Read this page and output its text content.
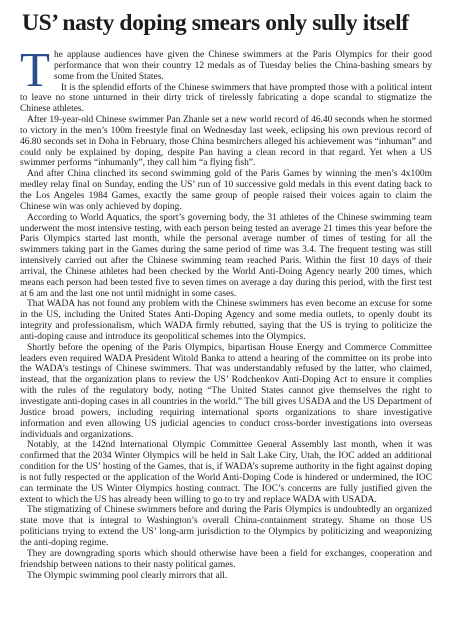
US’ nasty doping smears only sully itself

The applause audiences have given the Chinese swimmers at the Paris Olympics for their good performance that won their country 12 medals as of Tuesday belies the China-bashing smears by some from the United States.

It is the splendid efforts of the Chinese swimmers that have prompted those with a political intent to leave no stone unturned in their dirty trick of tirelessly fabricating a dope scandal to stigmatize the Chinese athletes.

After 19-year-old Chinese swimmer Pan Zhanle set a new world record of 46.40 seconds when he stormed to victory in the men’s 100m freestyle final on Wednesday last week, eclipsing his own previous record of 46.80 seconds set in Doha in February, those China besmirchers alleged his achievement was “inhuman” and could only be explained by doping, despite Pan having a clean record in that regard. Yet when a US swimmer performs “inhumanly”, they call him “a flying fish”.

And after China clinched its second swimming gold of the Paris Games by winning the men’s 4x100m medley relay final on Sunday, ending the US’ run of 10 successive gold medals in this event dating back to the Los Angeles 1984 Games, exactly the same group of people raised their voices again to claim the Chinese win was only achieved by doping.

According to World Aquatics, the sport’s governing body, the 31 athletes of the Chinese swimming team underwent the most intensive testing, with each person being tested an average 21 times this year before the Paris Olympics started last month, while the personal average number of times of testing for all the swimmers taking part in the Games during the same period of time was 3.4. The frequent testing was still intensively carried out after the Chinese swimming team reached Paris. Within the first 10 days of their arrival, the Chinese athletes had been checked by the World Anti-Doing Agency nearly 200 times, which means each person had been tested five to seven times on average a day during this period, with the first test at 6 am and the last one not until midnight in some cases.

That WADA has not found any problem with the Chinese swimmers has even become an excuse for some in the US, including the United States Anti-Doping Agency and some media outlets, to openly doubt its integrity and professionalism, which WADA firmly rebutted, saying that the US is trying to politicize the anti-doping cause and introduce its geopolitical schemes into the Olympics.

Shortly before the opening of the Paris Olympics, bipartisan House Energy and Commerce Committee leaders even required WADA President Witold Banka to attend a hearing of the committee on its probe into the WADA’s testings of Chinese swimmers. That was understandably refused by the latter, who claimed, instead, that the organization plans to review the US’ Rodchenkov Anti-Doping Act to ensure it complies with the rules of the regulatory body, noting “The United States cannot give themselves the right to investigate anti-doping cases in all countries in the world.” The bill gives USADA and the US Department of Justice broad powers, including requiring international sports organizations to share investigative information and even allowing US judicial agencies to conduct cross-border investigations into overseas individuals and organizations.

Notably, at the 142nd International Olympic Committee General Assembly last month, when it was confirmed that the 2034 Winter Olympics will be held in Salt Lake City, Utah, the IOC added an additional condition for the US’ hosting of the Games, that is, if WADA’s supreme authority in the fight against doping is not fully respected or the application of the World Anti-Doping Code is hindered or undermined, the IOC can terminate the US Winter Olympics hosting contract. The IOC’s concerns are fully justified given the extent to which the US has already been willing to go to try and replace WADA with USADA.

The stigmatizing of Chinese swimmers before and during the Paris Olympics is undoubtedly an organized state move that is integral to Washington’s overall China-containment strategy. Shame on those US politicians trying to extend the US’ long-arm jurisdiction to the Olympics by politicizing and weaponizing the anti-doping regime.

They are downgrading sports which should otherwise have been a field for exchanges, cooperation and friendship between nations to their nasty political games.

The Olympic swimming pool clearly mirrors that all.
